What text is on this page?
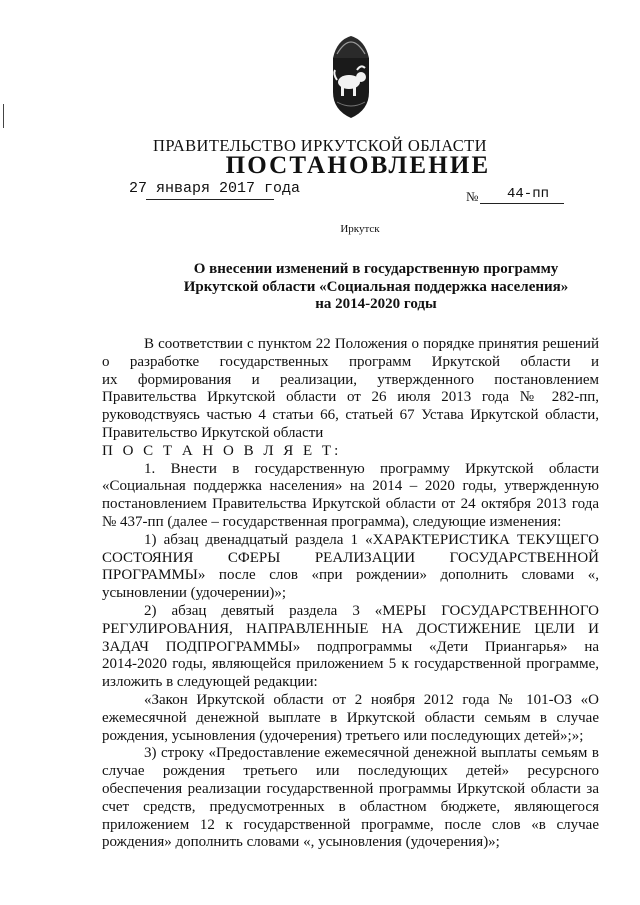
ПРАВИТЕЛЬСТВО ИРКУТСКОЙ ОБЛАСТИ
ПОСТАНОВЛЕНИЕ
27 января 2017 года	№ 44-пп
Иркутск
О внесении изменений в государственную программу
Иркутской области «Социальная поддержка населения»
на 2014-2020 годы
В соответствии с пунктом 22 Положения о порядке принятия решений
о разработке государственных программ Иркутской области и
их формирования и реализации, утвержденного постановлением
Правительства Иркутской области от 26 июля 2013 года № 282-пп,
руководствуясь частью 4 статьи 66, статьей 67 Устава Иркутской области,
Правительство Иркутской области
П О С Т А Н О В Л Я Е Т:
1. Внести в государственную программу Иркутской области
«Социальная поддержка населения» на 2014 – 2020 годы, утвержденную
постановлением Правительства Иркутской области от 24 октября 2013 года
№ 437-пп (далее – государственная программа), следующие изменения:
1) абзац двенадцатый раздела 1 «ХАРАКТЕРИСТИКА ТЕКУЩЕГО
СОСТОЯНИЯ СФЕРЫ РЕАЛИЗАЦИИ ГОСУДАРСТВЕННОЙ
ПРОГРАММЫ» после слов «при рождении» дополнить словами «,
усыновлении (удочерении)»;
2) абзац девятый раздела 3 «МЕРЫ ГОСУДАРСТВЕННОГО
РЕГУЛИРОВАНИЯ, НАПРАВЛЕННЫЕ НА ДОСТИЖЕНИЕ ЦЕЛИ И
ЗАДАЧ ПОДПРОГРАММЫ» подпрограммы «Дети Приангарья» на
2014-2020 годы, являющейся приложением 5 к государственной программе,
изложить в следующей редакции:
«Закон Иркутской области от 2 ноября 2012 года № 101-ОЗ «О
ежемесячной денежной выплате в Иркутской области семьям в случае
рождения, усыновления (удочерения) третьего или последующих детей»;»;
3) строку «Предоставление ежемесячной денежной выплаты семьям в
случае рождения третьего или последующих детей» ресурсного
обеспечения реализации государственной программы Иркутской области за
счет средств, предусмотренных в областном бюджете, являющегося
приложением 12 к государственной программе, после слов «в случае
рождения» дополнить словами «, усыновления (удочерения)»;
